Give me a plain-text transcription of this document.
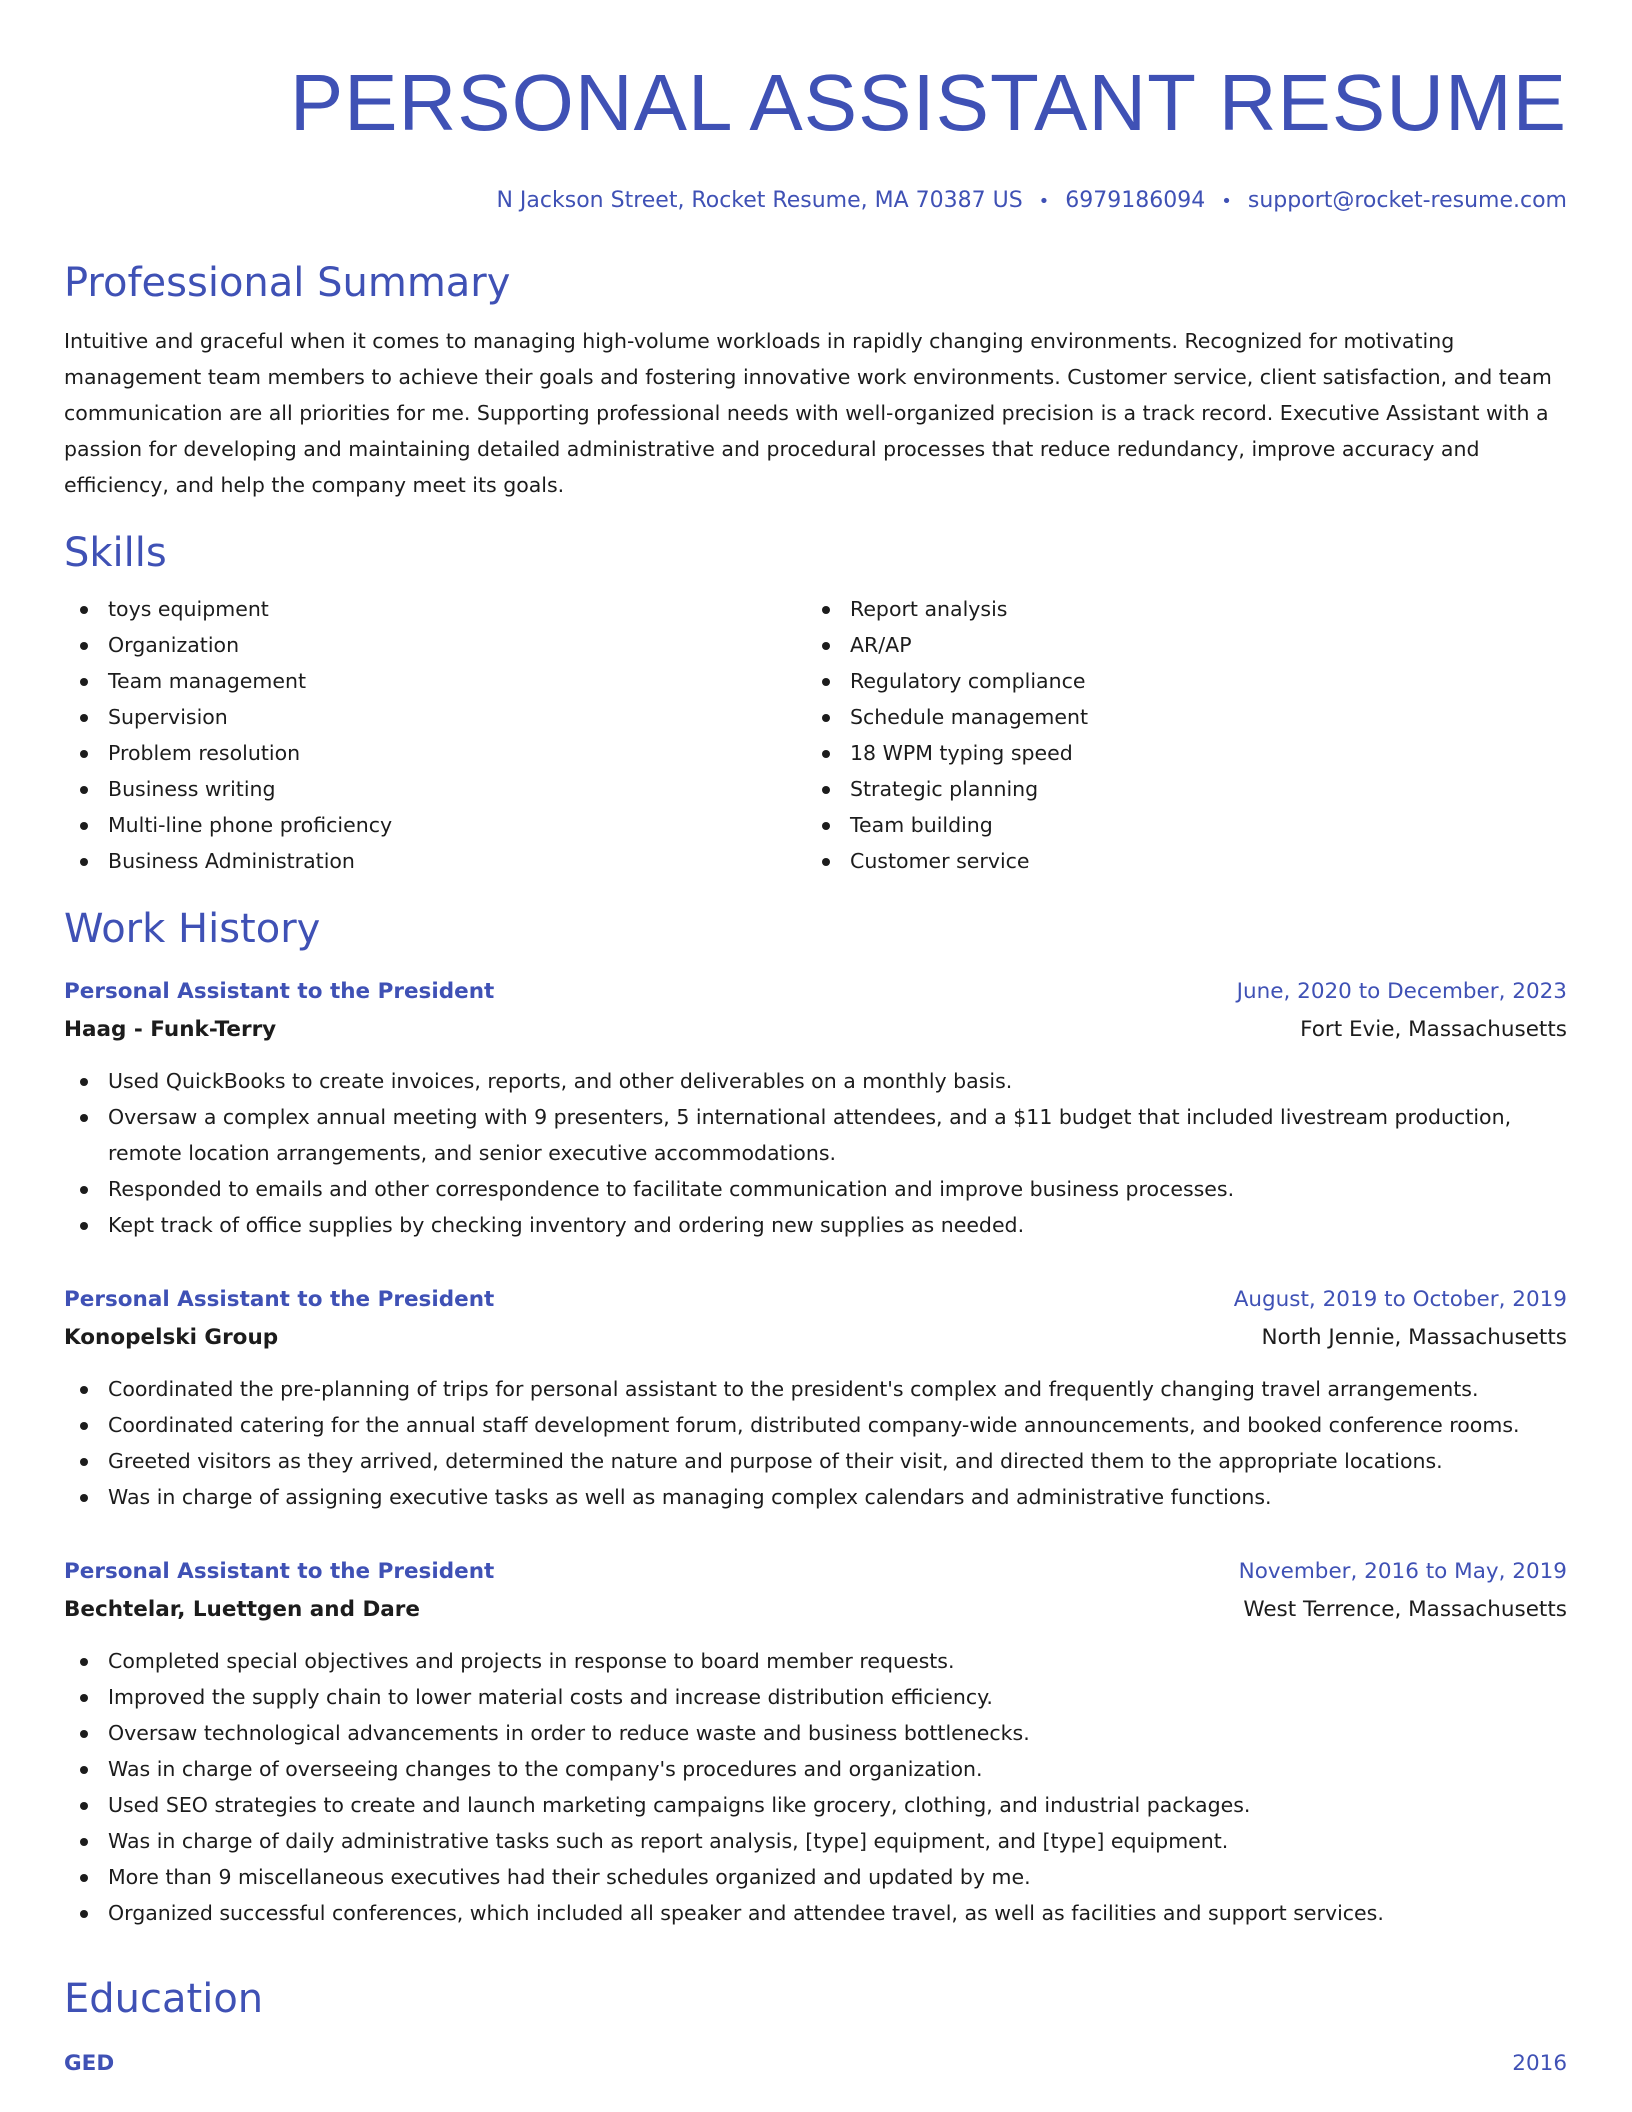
PERSONAL ASSISTANT RESUME
N Jackson Street, Rocket Resume, MA 70387 US • 6979186094 • support@rocket-resume.com
Professional Summary

Intuitive and graceful when it comes to managing high-volume workloads in rapidly changing environments. Recognized for motivating management team members to achieve their goals and fostering innovative work environments. Customer service, client satisfaction, and team communication are all priorities for me. Supporting professional needs with well-organized precision is a track record. Executive Assistant with a passion for developing and maintaining detailed administrative and procedural processes that reduce redundancy, improve accuracy and efficiency, and help the company meet its goals.

Skills
toys equipment
Organization
Team management
Supervision
Problem resolution
Business writing
Multi-line phone proficiency
Business Administration
Report analysis
AR/AP
Regulatory compliance
Schedule management
18 WPM typing speed
Strategic planning
Team building
Customer service
Work History
Personal Assistant to the President	June, 2020 to December, 2023
Haag - Funk-Terry	Fort Evie, Massachusetts
Used QuickBooks to create invoices, reports, and other deliverables on a monthly basis.
Oversaw a complex annual meeting with 9 presenters, 5 international attendees, and a $11 budget that included livestream production, remote location arrangements, and senior executive accommodations.
Responded to emails and other correspondence to facilitate communication and improve business processes.
Kept track of office supplies by checking inventory and ordering new supplies as needed.
Personal Assistant to the President	August, 2019 to October, 2019
Konopelski Group	North Jennie, Massachusetts
Coordinated the pre-planning of trips for personal assistant to the president's complex and frequently changing travel arrangements.
Coordinated catering for the annual staff development forum, distributed company-wide announcements, and booked conference rooms.
Greeted visitors as they arrived, determined the nature and purpose of their visit, and directed them to the appropriate locations.
Was in charge of assigning executive tasks as well as managing complex calendars and administrative functions.
Personal Assistant to the President	November, 2016 to May, 2019
Bechtelar, Luettgen and Dare	West Terrence, Massachusetts
Completed special objectives and projects in response to board member requests.
Improved the supply chain to lower material costs and increase distribution efficiency.
Oversaw technological advancements in order to reduce waste and business bottlenecks.
Was in charge of overseeing changes to the company's procedures and organization.
Used SEO strategies to create and launch marketing campaigns like grocery, clothing, and industrial packages.
Was in charge of daily administrative tasks such as report analysis, [type] equipment, and [type] equipment.
More than 9 miscellaneous executives had their schedules organized and updated by me.
Organized successful conferences, which included all speaker and attendee travel, as well as facilities and support services.
Education
GED	2016
